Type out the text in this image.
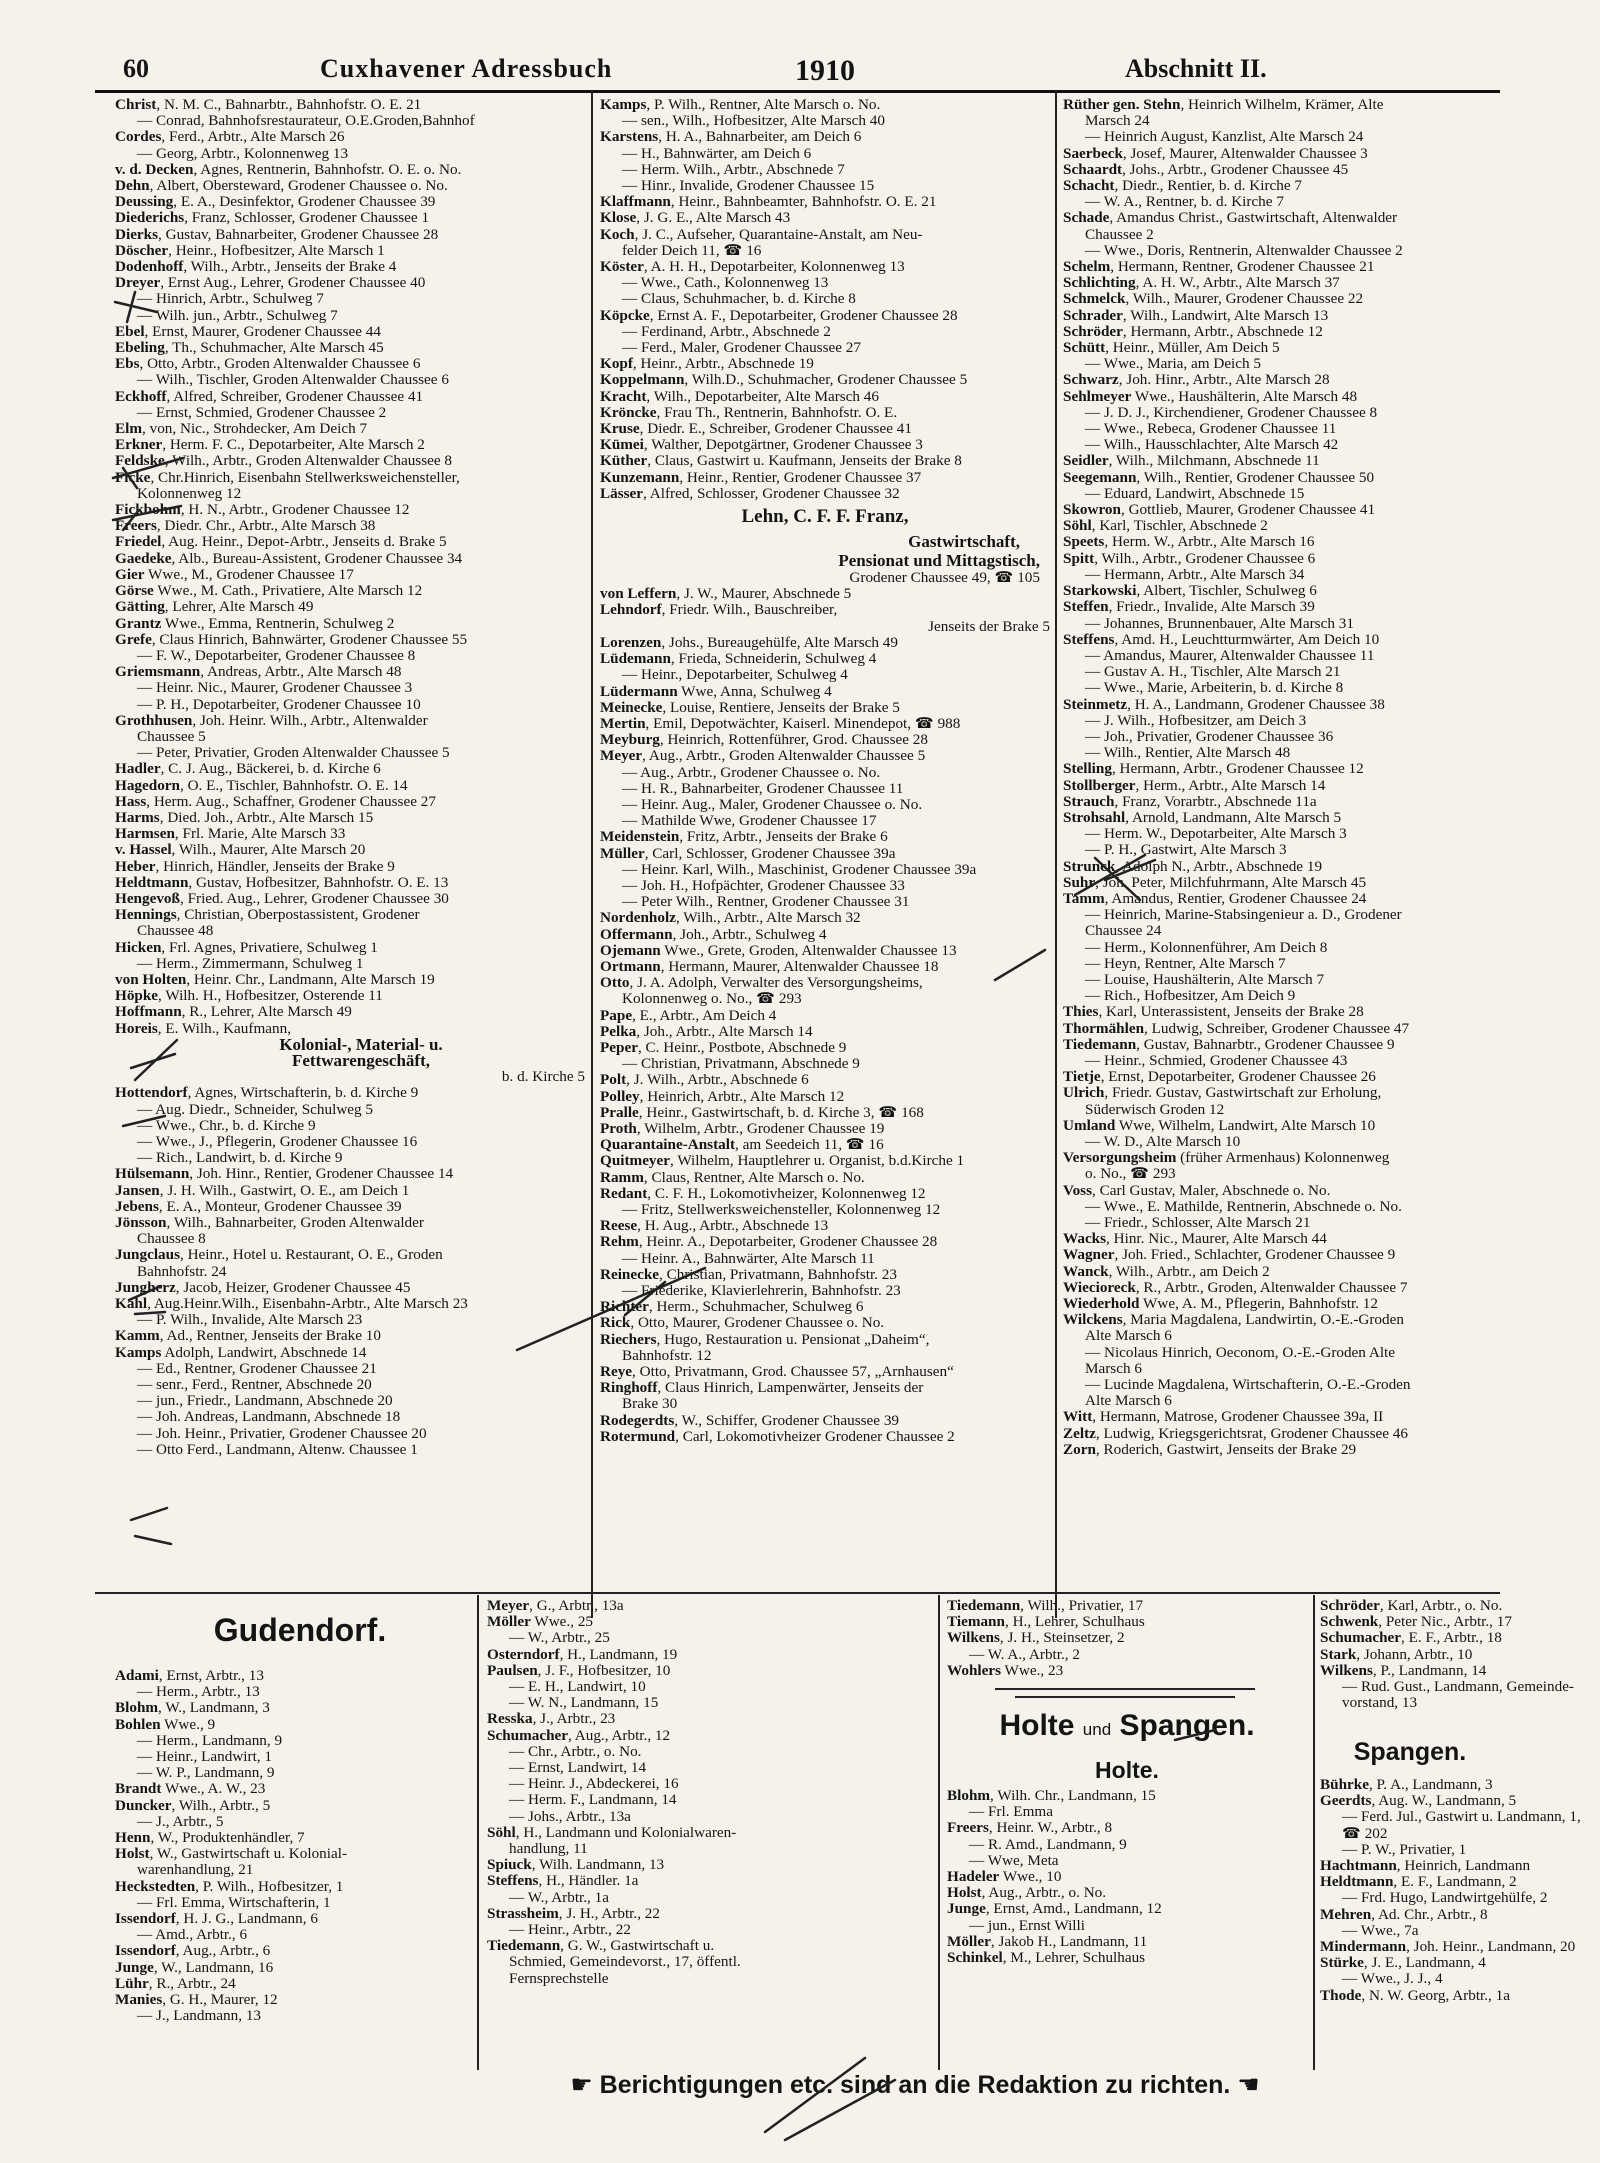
60	Cuxhavener Adressbuch	1910	Abschnitt II.
Christ, N. M. C., Bahnarbtr., Bahnhofstr. O. E. 21
— Conrad, Bahnhofsrestaurateur, O.E.Groden,Bahnhof
Cordes, Ferd., Arbtr., Alte Marsch 26
— Georg, Arbtr., Kolonnenweg 13
v. d. Decken, Agnes, Rentnerin, Bahnhofstr. O. E. o. No.
Dehn, Albert, Obersteward, Grodener Chaussee o. No.
Deussing, E. A., Desinfektor, Grodener Chaussee 39
Diederichs, Franz, Schlosser, Grodener Chaussee 1
Dierks, Gustav, Bahnarbeiter, Grodener Chaussee 28
Döscher, Heinr., Hofbesitzer, Alte Marsch 1
Dodenhoff, Wilh., Arbtr., Jenseits der Brake 4
Dreyer, Ernst Aug., Lehrer, Grodener Chaussee 40
— Hinrich, Arbtr., Schulweg 7
— Wilh. jun., Arbtr., Schulweg 7
Ebel, Ernst, Maurer, Grodener Chaussee 44
Ebeling, Th., Schuhmacher, Alte Marsch 45
Ebs, Otto, Arbtr., Groden Altenwalder Chaussee 6
— Wilh., Tischler, Groden Altenwalder Chaussee 6
Eckhoff, Alfred, Schreiber, Grodener Chaussee 41
— Ernst, Schmied, Grodener Chaussee 2
Elm, von, Nic., Strohdecker, Am Deich 7
Erkner, Herm. F. C., Depotarbeiter, Alte Marsch 2
Feldske, Wilh., Arbtr., Groden Altenwalder Chaussee 8
Ficke, Chr.Hinrich, Eisenbahn Stellwerksweichensteller,
Kolonnenweg 12
Fickbohm, H. N., Arbtr., Grodener Chaussee 12
Freers, Diedr. Chr., Arbtr., Alte Marsch 38
Friedel, Aug. Heinr., Depot-Arbtr., Jenseits d. Brake 5
Gaedeke, Alb., Bureau-Assistent, Grodener Chaussee 34
Gier Wwe., M., Grodener Chaussee 17
Görse Wwe., M. Cath., Privatiere, Alte Marsch 12
Gätting, Lehrer, Alte Marsch 49
Grantz Wwe., Emma, Rentnerin, Schulweg 2
Grefe, Claus Hinrich, Bahnwärter, Grodener Chaussee 55
— F. W., Depotarbeiter, Grodener Chaussee 8
Griemsmann, Andreas, Arbtr., Alte Marsch 48
— Heinr. Nic., Maurer, Grodener Chaussee 3
— P. H., Depotarbeiter, Grodener Chaussee 10
Grothhusen, Joh. Heinr. Wilh., Arbtr., Altenwalder
Chaussee 5
— Peter, Privatier, Groden Altenwalder Chaussee 5
Hadler, C. J. Aug., Bäckerei, b. d. Kirche 6
Hagedorn, O. E., Tischler, Bahnhofstr. O. E. 14
Hass, Herm. Aug., Schaffner, Grodener Chaussee 27
Harms, Died. Joh., Arbtr., Alte Marsch 15
Harmsen, Frl. Marie, Alte Marsch 33
v. Hassel, Wilh., Maurer, Alte Marsch 20
Heber, Hinrich, Händler, Jenseits der Brake 9
Heldtmann, Gustav, Hofbesitzer, Bahnhofstr. O. E. 13
Hengevoß, Fried. Aug., Lehrer, Grodener Chaussee 30
Hennings, Christian, Oberpostassistent, Grodener
Chaussee 48
Hicken, Frl. Agnes, Privatiere, Schulweg 1
— Herm., Zimmermann, Schulweg 1
von Holten, Heinr. Chr., Landmann, Alte Marsch 19
Höpke, Wilh. H., Hofbesitzer, Osterende 11
Hoffmann, R., Lehrer, Alte Marsch 49
Horeis, E. Wilh., Kaufmann,
Kolonial-, Material- u.
Fettwarengeschäft,
b. d. Kirche 5
Hottendorf, Agnes, Wirtschafterin, b. d. Kirche 9
— Aug. Diedr., Schneider, Schulweg 5
— Wwe., Chr., b. d. Kirche 9
— Wwe., J., Pflegerin, Grodener Chaussee 16
— Rich., Landwirt, b. d. Kirche 9
Hülsemann, Joh. Hinr., Rentier, Grodener Chaussee 14
Jansen, J. H. Wilh., Gastwirt, O. E., am Deich 1
Jebens, E. A., Monteur, Grodener Chaussee 39
Jönsson, Wilh., Bahnarbeiter, Groden Altenwalder
Chaussee 8
Jungclaus, Heinr., Hotel u. Restaurant, O. E., Groden
Bahnhofstr. 24
Jungherz, Jacob, Heizer, Grodener Chaussee 45
Kahl, Aug.Heinr.Wilh., Eisenbahn-Arbtr., Alte Marsch 23
— P. Wilh., Invalide, Alte Marsch 23
Kamm, Ad., Rentner, Jenseits der Brake 10
Kamps Adolph, Landwirt, Abschnede 14
— Ed., Rentner, Grodener Chaussee 21
— senr., Ferd., Rentner, Abschnede 20
— jun., Friedr., Landmann, Abschnede 20
— Joh. Andreas, Landmann, Abschnede 18
— Joh. Heinr., Privatier, Grodener Chaussee 20
— Otto Ferd., Landmann, Altenw. Chaussee 1
Kamps, P. Wilh., Rentner, Alte Marsch o. No.
— sen., Wilh., Hofbesitzer, Alte Marsch 40
Karstens, H. A., Bahnarbeiter, am Deich 6
— H., Bahnwärter, am Deich 6
— Herm. Wilh., Arbtr., Abschnede 7
— Hinr., Invalide, Grodener Chaussee 15
Klaffmann, Heinr., Bahnbeamter, Bahnhofstr. O. E. 21
Klose, J. G. E., Alte Marsch 43
Koch, J. C., Aufseher, Quarantaine-Anstalt, am Neu-
felder Deich 11, ☎ 16
Köster, A. H. H., Depotarbeiter, Kolonnenweg 13
— Wwe., Cath., Kolonnenweg 13
— Claus, Schuhmacher, b. d. Kirche 8
Köpcke, Ernst A. F., Depotarbeiter, Grodener Chaussee 28
— Ferdinand, Arbtr., Abschnede 2
— Ferd., Maler, Grodener Chaussee 27
Kopf, Heinr., Arbtr., Abschnede 19
Koppelmann, Wilh.D., Schuhmacher, Grodener Chaussee 5
Kracht, Wilh., Depotarbeiter, Alte Marsch 46
Kröncke, Frau Th., Rentnerin, Bahnhofstr. O. E.
Kruse, Diedr. E., Schreiber, Grodener Chaussee 41
Kümei, Walther, Depotgärtner, Grodener Chaussee 3
Küther, Claus, Gastwirt u. Kaufmann, Jenseits der Brake 8
Kunzemann, Heinr., Rentier, Grodener Chaussee 37
Lässer, Alfred, Schlosser, Grodener Chaussee 32
Lehn, C. F. F. Franz,
Gastwirtschaft,
Pensionat und Mittagstisch,
Grodener Chaussee 49, ☎ 105
von Leffern, J. W., Maurer, Abschnede 5
Lehndorf, Friedr. Wilh., Bauschreiber,
Jenseits der Brake 5
Lorenzen, Johs., Bureaugehülfe, Alte Marsch 49
Lüdemann, Frieda, Schneiderin, Schulweg 4
— Heinr., Depotarbeiter, Schulweg 4
Lüdermann Wwe, Anna, Schulweg 4
Meinecke, Louise, Rentiere, Jenseits der Brake 5
Mertin, Emil, Depotwächter, Kaiserl. Minendepot, ☎ 988
Meyburg, Heinrich, Rottenführer, Grod. Chaussee 28
Meyer, Aug., Arbtr., Groden Altenwalder Chaussee 5
— Aug., Arbtr., Grodener Chaussee o. No.
— H. R., Bahnarbeiter, Grodener Chaussee 11
— Heinr. Aug., Maler, Grodener Chaussee o. No.
— Mathilde Wwe, Grodener Chaussee 17
Meidenstein, Fritz, Arbtr., Jenseits der Brake 6
Müller, Carl, Schlosser, Grodener Chaussee 39a
— Heinr. Karl, Wilh., Maschinist, Grodener Chaussee 39a
— Joh. H., Hofpächter, Grodener Chaussee 33
— Peter Wilh., Rentner, Grodener Chaussee 31
Nordenholz, Wilh., Arbtr., Alte Marsch 32
Offermann, Joh., Arbtr., Schulweg 4
Ojemann Wwe., Grete, Groden, Altenwalder Chaussee 13
Ortmann, Hermann, Maurer, Altenwalder Chaussee 18
Otto, J. A. Adolph, Verwalter des Versorgungsheims,
Kolonnenweg o. No., ☎ 293
Pape, E., Arbtr., Am Deich 4
Pelka, Joh., Arbtr., Alte Marsch 14
Peper, C. Heinr., Postbote, Abschnede 9
— Christian, Privatmann, Abschnede 9
Polt, J. Wilh., Arbtr., Abschnede 6
Polley, Heinrich, Arbtr., Alte Marsch 12
Pralle, Heinr., Gastwirtschaft, b. d. Kirche 3, ☎ 168
Proth, Wilhelm, Arbtr., Grodener Chaussee 19
Quarantaine-Anstalt, am Seedeich 11, ☎ 16
Quitmeyer, Wilhelm, Hauptlehrer u. Organist, b.d.Kirche 1
Ramm, Claus, Rentner, Alte Marsch o. No.
Redant, C. F. H., Lokomotivheizer, Kolonnenweg 12
— Fritz, Stellwerksweichensteller, Kolonnenweg 12
Reese, H. Aug., Arbtr., Abschnede 13
Rehm, Heinr. A., Depotarbeiter, Grodener Chaussee 28
— Heinr. A., Bahnwärter, Alte Marsch 11
Reinecke, Christian, Privatmann, Bahnhofstr. 23
— Friederike, Klavierlehrerin, Bahnhofstr. 23
Richter, Herm., Schuhmacher, Schulweg 6
Rick, Otto, Maurer, Grodener Chaussee o. No.
Riechers, Hugo, Restauration u. Pensionat „Daheim“,
Bahnhofstr. 12
Reye, Otto, Privatmann, Grod. Chaussee 57, „Arnhausen“
Ringhoff, Claus Hinrich, Lampenwärter, Jenseits der
Brake 30
Rodegerdts, W., Schiffer, Grodener Chaussee 39
Rotermund, Carl, Lokomotivheizer Grodener Chaussee 2
Rüther gen. Stehn, Heinrich Wilhelm, Krämer, Alte
Marsch 24
— Heinrich August, Kanzlist, Alte Marsch 24
Saerbeck, Josef, Maurer, Altenwalder Chaussee 3
Schaardt, Johs., Arbtr., Grodener Chaussee 45
Schacht, Diedr., Rentier, b. d. Kirche 7
— W. A., Rentner, b. d. Kirche 7
Schade, Amandus Christ., Gastwirtschaft, Altenwalder
Chaussee 2
— Wwe., Doris, Rentnerin, Altenwalder Chaussee 2
Schelm, Hermann, Rentner, Grodener Chaussee 21
Schlichting, A. H. W., Arbtr., Alte Marsch 37
Schmelck, Wilh., Maurer, Grodener Chaussee 22
Schrader, Wilh., Landwirt, Alte Marsch 13
Schröder, Hermann, Arbtr., Abschnede 12
Schütt, Heinr., Müller, Am Deich 5
— Wwe., Maria, am Deich 5
Schwarz, Joh. Hinr., Arbtr., Alte Marsch 28
Sehlmeyer Wwe., Haushälterin, Alte Marsch 48
— J. D. J., Kirchendiener, Grodener Chaussee 8
— Wwe., Rebeca, Grodener Chaussee 11
— Wilh., Hausschlachter, Alte Marsch 42
Seidler, Wilh., Milchmann, Abschnede 11
Seegemann, Wilh., Rentier, Grodener Chaussee 50
— Eduard, Landwirt, Abschnede 15
Skowron, Gottlieb, Maurer, Grodener Chaussee 41
Söhl, Karl, Tischler, Abschnede 2
Speets, Herm. W., Arbtr., Alte Marsch 16
Spitt, Wilh., Arbtr., Grodener Chaussee 6
— Hermann, Arbtr., Alte Marsch 34
Starkowski, Albert, Tischler, Schulweg 6
Steffen, Friedr., Invalide, Alte Marsch 39
— Johannes, Brunnenbauer, Alte Marsch 31
Steffens, Amd. H., Leuchtturmwärter, Am Deich 10
— Amandus, Maurer, Altenwalder Chaussee 11
— Gustav A. H., Tischler, Alte Marsch 21
— Wwe., Marie, Arbeiterin, b. d. Kirche 8
Steinmetz, H. A., Landmann, Grodener Chaussee 38
— J. Wilh., Hofbesitzer, am Deich 3
— Joh., Privatier, Grodener Chaussee 36
— Wilh., Rentier, Alte Marsch 48
Stelling, Hermann, Arbtr., Grodener Chaussee 12
Stollberger, Herm., Arbtr., Alte Marsch 14
Strauch, Franz, Vorarbtr., Abschnede 11a
Strohsahl, Arnold, Landmann, Alte Marsch 5
— Herm. W., Depotarbeiter, Alte Marsch 3
— P. H., Gastwirt, Alte Marsch 3
Strunck, Adolph N., Arbtr., Abschnede 19
Suhr, Joh. Peter, Milchfuhrmann, Alte Marsch 45
Tamm, Amandus, Rentier, Grodener Chaussee 24
— Heinrich, Marine-Stabsingenieur a. D., Grodener
Chaussee 24
— Herm., Kolonnenführer, Am Deich 8
— Heyn, Rentner, Alte Marsch 7
— Louise, Haushälterin, Alte Marsch 7
— Rich., Hofbesitzer, Am Deich 9
Thies, Karl, Unterassistent, Jenseits der Brake 28
Thormählen, Ludwig, Schreiber, Grodener Chaussee 47
Tiedemann, Gustav, Bahnarbtr., Grodener Chaussee 9
— Heinr., Schmied, Grodener Chaussee 43
Tietje, Ernst, Depotarbeiter, Grodener Chaussee 26
Ulrich, Friedr. Gustav, Gastwirtschaft zur Erholung,
Süderwisch Groden 12
Umland Wwe, Wilhelm, Landwirt, Alte Marsch 10
— W. D., Alte Marsch 10
Versorgungsheim (früher Armenhaus) Kolonnenweg
o. No., ☎ 293
Voss, Carl Gustav, Maler, Abschnede o. No.
— Wwe., E. Mathilde, Rentnerin, Abschnede o. No.
— Friedr., Schlosser, Alte Marsch 21
Wacks, Hinr. Nic., Maurer, Alte Marsch 44
Wagner, Joh. Fried., Schlachter, Grodener Chaussee 9
Wanck, Wilh., Arbtr., am Deich 2
Wiecioreck, R., Arbtr., Groden, Altenwalder Chaussee 7
Wiederhold Wwe, A. M., Pflegerin, Bahnhofstr. 12
Wilckens, Maria Magdalena, Landwirtin, O.-E.-Groden
Alte Marsch 6
— Nicolaus Hinrich, Oeconom, O.-E.-Groden Alte
Marsch 6
— Lucinde Magdalena, Wirtschafterin, O.-E.-Groden
Alte Marsch 6
Witt, Hermann, Matrose, Grodener Chaussee 39a, II
Zeltz, Ludwig, Kriegsgerichtsrat, Grodener Chaussee 46
Zorn, Roderich, Gastwirt, Jenseits der Brake 29
Gudendorf.
Adami, Ernst, Arbtr., 13
— Herm., Arbtr., 13
Blohm, W., Landmann, 3
Bohlen Wwe., 9
— Herm., Landmann, 9
— Heinr., Landwirt, 1
— W. P., Landmann, 9
Brandt Wwe., A. W., 23
Duncker, Wilh., Arbtr., 5
— J., Arbtr., 5
Henn, W., Produktenhändler, 7
Holst, W., Gastwirtschaft u. Kolonial-
warenhandlung, 21
Heckstedten, P. Wilh., Hofbesitzer, 1
— Frl. Emma, Wirtschafterin, 1
Issendorf, H. J. G., Landmann, 6
— Amd., Arbtr., 6
Issendorf, Aug., Arbtr., 6
Junge, W., Landmann, 16
Lühr, R., Arbtr., 24
Manies, G. H., Maurer, 12
— J., Landmann, 13
Meyer, G., Arbtr., 13a
Möller Wwe., 25
— W., Arbtr., 25
Osterndorf, H., Landmann, 19
Paulsen, J. F., Hofbesitzer, 10
— E. H., Landwirt, 10
— W. N., Landmann, 15
Resska, J., Arbtr., 23
Schumacher, Aug., Arbtr., 12
— Chr., Arbtr., o. No.
— Ernst, Landwirt, 14
— Heinr. J., Abdeckerei, 16
— Herm. F., Landmann, 14
— Johs., Arbtr., 13a
Söhl, H., Landmann und Kolonialwaren-
handlung, 11
Spiuck, Wilh. Landmann, 13
Steffens, H., Händler. 1a
— W., Arbtr., 1a
Strassheim, J. H., Arbtr., 22
— Heinr., Arbtr., 22
Tiedemann, G. W., Gastwirtschaft u.
Schmied, Gemeindevorst., 17, öffentl.
Fernsprechstelle
Tiedemann, Wilh., Privatier, 17
Tiemann, H., Lehrer, Schulhaus
Wilkens, J. H., Steinsetzer, 2
— W. A., Arbtr., 2
Wohlers Wwe., 23
Holte und Spangen.
Holte.
Blohm, Wilh. Chr., Landmann, 15
— Frl. Emma
Freers, Heinr. W., Arbtr., 8
— R. Amd., Landmann, 9
— Wwe, Meta
Hadeler Wwe., 10
Holst, Aug., Arbtr., o. No.
Junge, Ernst, Amd., Landmann, 12
— jun., Ernst Willi
Möller, Jakob H., Landmann, 11
Schinkel, M., Lehrer, Schulhaus
Schröder, Karl, Arbtr., o. No.
Schwenk, Peter Nic., Arbtr., 17
Schumacher, E. F., Arbtr., 18
Stark, Johann, Arbtr., 10
Wilkens, P., Landmann, 14
— Rud. Gust., Landmann, Gemeinde-
vorstand, 13
Spangen.
Bührke, P. A., Landmann, 3
Geerdts, Aug. W., Landmann, 5
— Ferd. Jul., Gastwirt u. Landmann, 1,
☎ 202
— P. W., Privatier, 1
Hachtmann, Heinrich, Landmann
Heldtmann, E. F., Landmann, 2
— Frd. Hugo, Landwirtgehülfe, 2
Mehren, Ad. Chr., Arbtr., 8
— Wwe., 7a
Mindermann, Joh. Heinr., Landmann, 20
Stürke, J. E., Landmann, 4
— Wwe., J. J., 4
Thode, N. W. Georg, Arbtr., 1a
☛ Berichtigungen etc. sind an die Redaktion zu richten. ☚
